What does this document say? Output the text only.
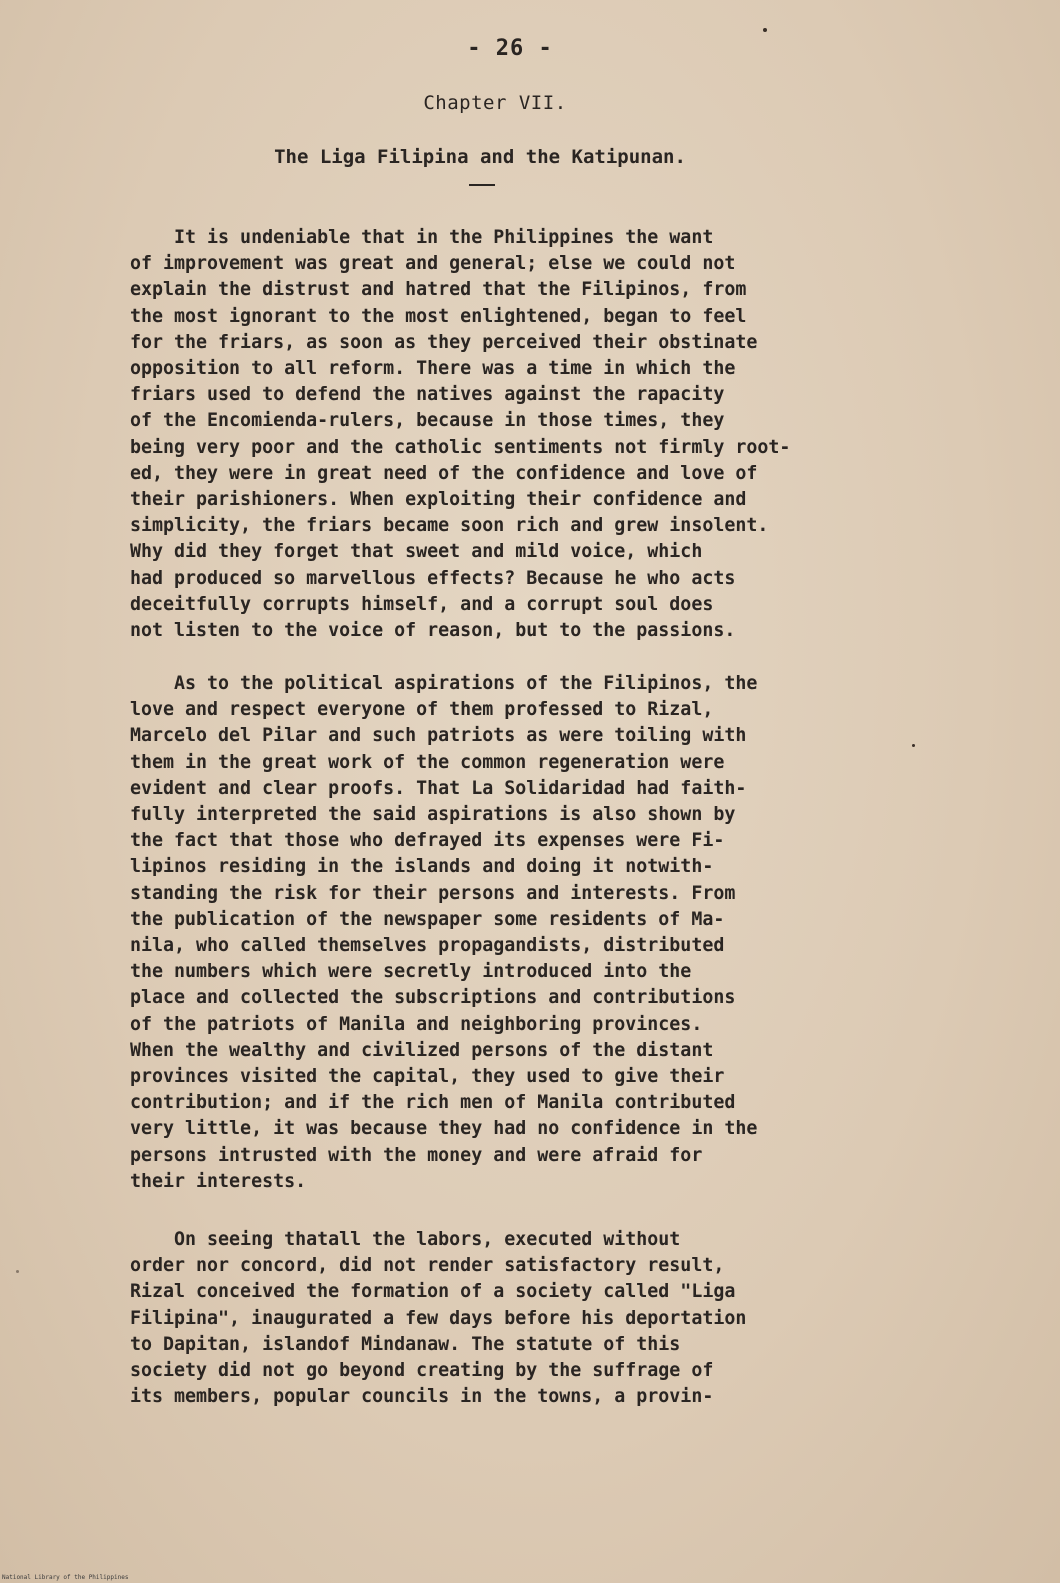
- 26 -
Chapter VII.
The Liga Filipina and the Katipunan.

It is undeniable that in the Philippines the want
of improvement was great and general; else we could not
explain the distrust and hatred that the Filipinos, from
the most ignorant to the most enlightened, began to feel
for the friars, as soon as they perceived their obstinate
opposition to all reform. There was a time in which the
friars used to defend the natives against the rapacity
of the Encomienda-rulers, because in those times, they
being very poor and the catholic sentiments not firmly root-
ed, they were in great need of the confidence and love of
their parishioners. When exploiting their confidence and
simplicity, the friars became soon rich and grew insolent.
Why did they forget that sweet and mild voice, which
had produced so marvellous effects? Because he who acts
deceitfully corrupts himself, and a corrupt soul does
not listen to the voice of reason, but to the passions.

As to the political aspirations of the Filipinos, the
love and respect everyone of them professed to Rizal,
Marcelo del Pilar and such patriots as were toiling with
them in the great work of the common regeneration were
evident and clear proofs. That La Solidaridad had faith-
fully interpreted the said aspirations is also shown by
the fact that those who defrayed its expenses were Fi-
lipinos residing in the islands and doing it notwith-
standing the risk for their persons and interests. From
the publication of the newspaper some residents of Ma-
nila, who called themselves propagandists, distributed
the numbers which were secretly introduced into the
place and collected the subscriptions and contributions
of the patriots of Manila and neighboring provinces.
When the wealthy and civilized persons of the distant
provinces visited the capital, they used to give their
contribution; and if the rich men of Manila contributed
very little, it was because they had no confidence in the
persons intrusted with the money and were afraid for
their interests.

On seeing thatall the labors, executed without
order nor concord, did not render satisfactory result,
Rizal conceived the formation of a society called "Liga
Filipina", inaugurated a few days before his deportation
to Dapitan, islandof Mindanaw. The statute of this
society did not go beyond creating by the suffrage of
its members, popular councils in the towns, a provin-

National Library of the Philippines
